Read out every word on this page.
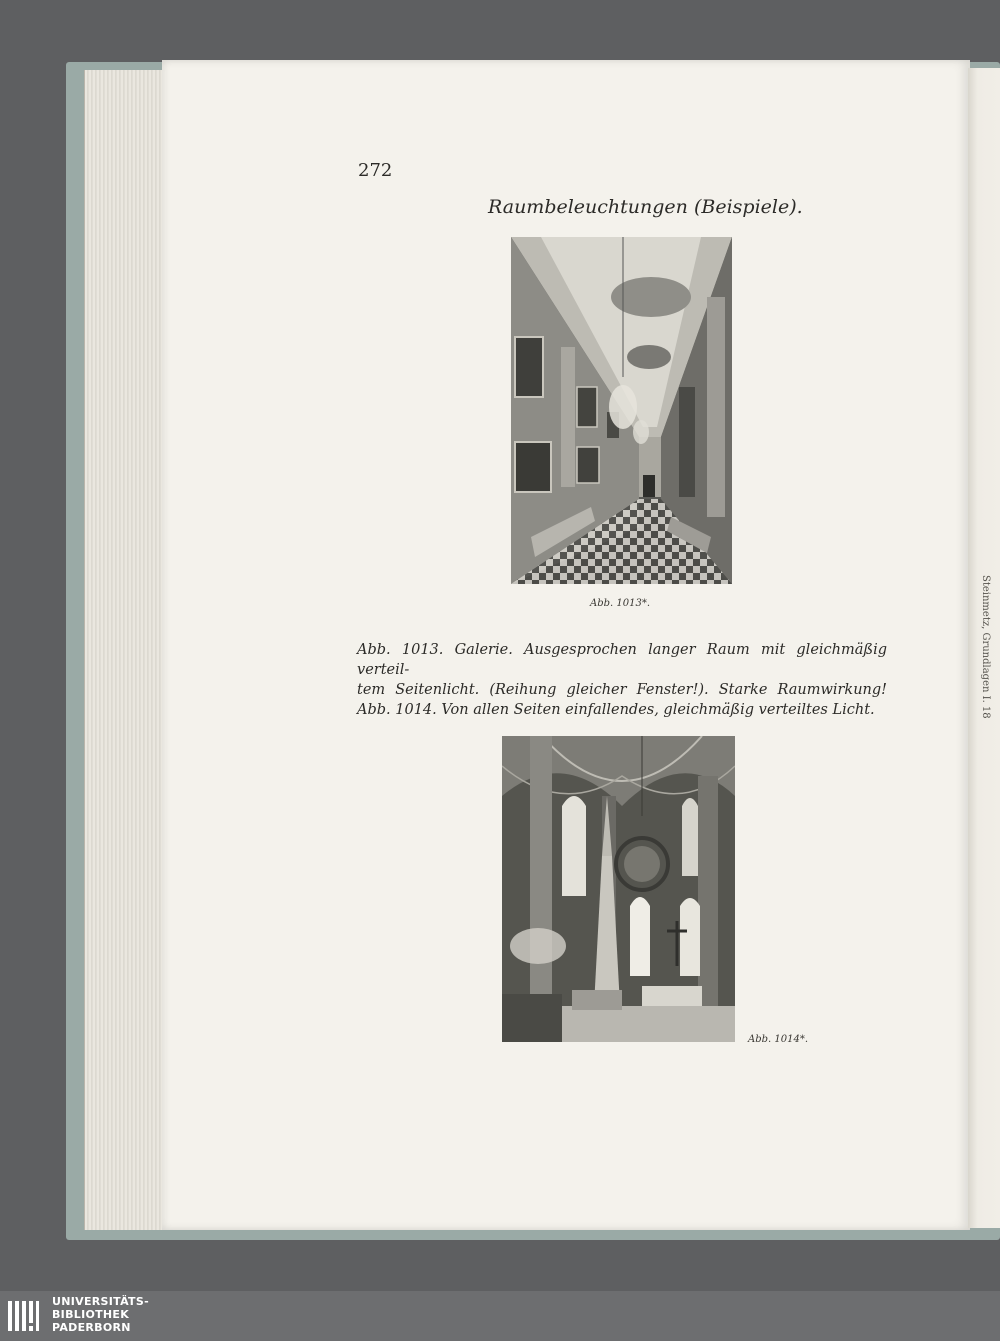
Steinmetz, Grundlagen I. 18
272
Raumbeleuchtungen (Beispiele).
Abb. 1013*.

Abb. 1013. Galerie. Ausgesprochen langer Raum mit gleichmäßig verteil-

tem Seitenlicht. (Reihung gleicher Fenster!). Starke Raumwirkung!

Abb. 1014. Von allen Seiten einfallendes, gleichmäßig verteiltes Licht.

Abb. 1014*.
UNIVERSITÄTS-
BIBLIOTHEK
PADERBORN
